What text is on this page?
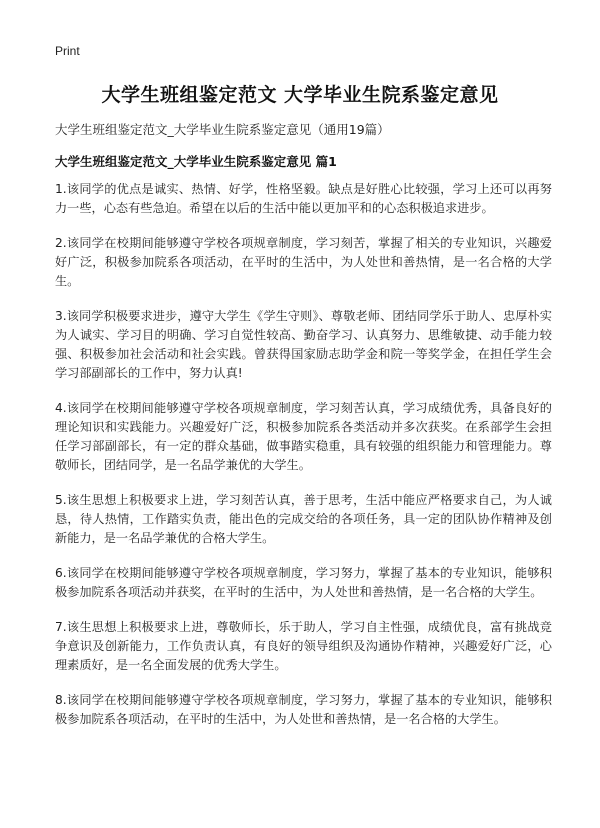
Print
大学生班组鉴定范文 大学毕业生院系鉴定意见
大学生班组鉴定范文_大学毕业生院系鉴定意见（通用19篇）
大学生班组鉴定范文_大学毕业生院系鉴定意见 篇1

1.该同学的优点是诚实、热情、好学，性格坚毅。缺点是好胜心比较强，学习上还可以再努力一些，心态有些急迫。希望在以后的生活中能以更加平和的心态积极追求进步。

2.该同学在校期间能够遵守学校各项规章制度，学习刻苦，掌握了相关的专业知识，兴趣爱好广泛，积极参加院系各项活动，在平时的生活中，为人处世和善热情，是一名合格的大学生。

3.该同学积极要求进步，遵守大学生《学生守则》、尊敬老师、团结同学乐于助人、忠厚朴实为人诚实、学习目的明确、学习自觉性较高、勤奋学习、认真努力、思维敏捷、动手能力较强、积极参加社会活动和社会实践。曾获得国家励志助学金和院一等奖学金，在担任学生会学习部副部长的工作中，努力认真!

4.该同学在校期间能够遵守学校各项规章制度，学习刻苦认真，学习成绩优秀，具备良好的理论知识和实践能力。兴趣爱好广泛，积极参加院系各类活动并多次获奖。在系部学生会担任学习部副部长，有一定的群众基础，做事踏实稳重，具有较强的组织能力和管理能力。尊敬师长，团结同学，是一名品学兼优的大学生。

5.该生思想上积极要求上进，学习刻苦认真，善于思考，生活中能应严格要求自己，为人诚恳，待人热情，工作踏实负责，能出色的完成交给的各项任务，具一定的团队协作精神及创新能力，是一名品学兼优的合格大学生。

6.该同学在校期间能够遵守学校各项规章制度，学习努力，掌握了基本的专业知识，能够积极参加院系各项活动并获奖，在平时的生活中，为人处世和善热情，是一名合格的大学生。

7.该生思想上积极要求上进，尊敬师长，乐于助人，学习自主性强，成绩优良，富有挑战竞争意识及创新能力，工作负责认真，有良好的领导组织及沟通协作精神，兴趣爱好广泛，心理素质好，是一名全面发展的优秀大学生。

8.该同学在校期间能够遵守学校各项规章制度，学习努力，掌握了基本的专业知识，能够积极参加院系各项活动，在平时的生活中，为人处世和善热情，是一名合格的大学生。
